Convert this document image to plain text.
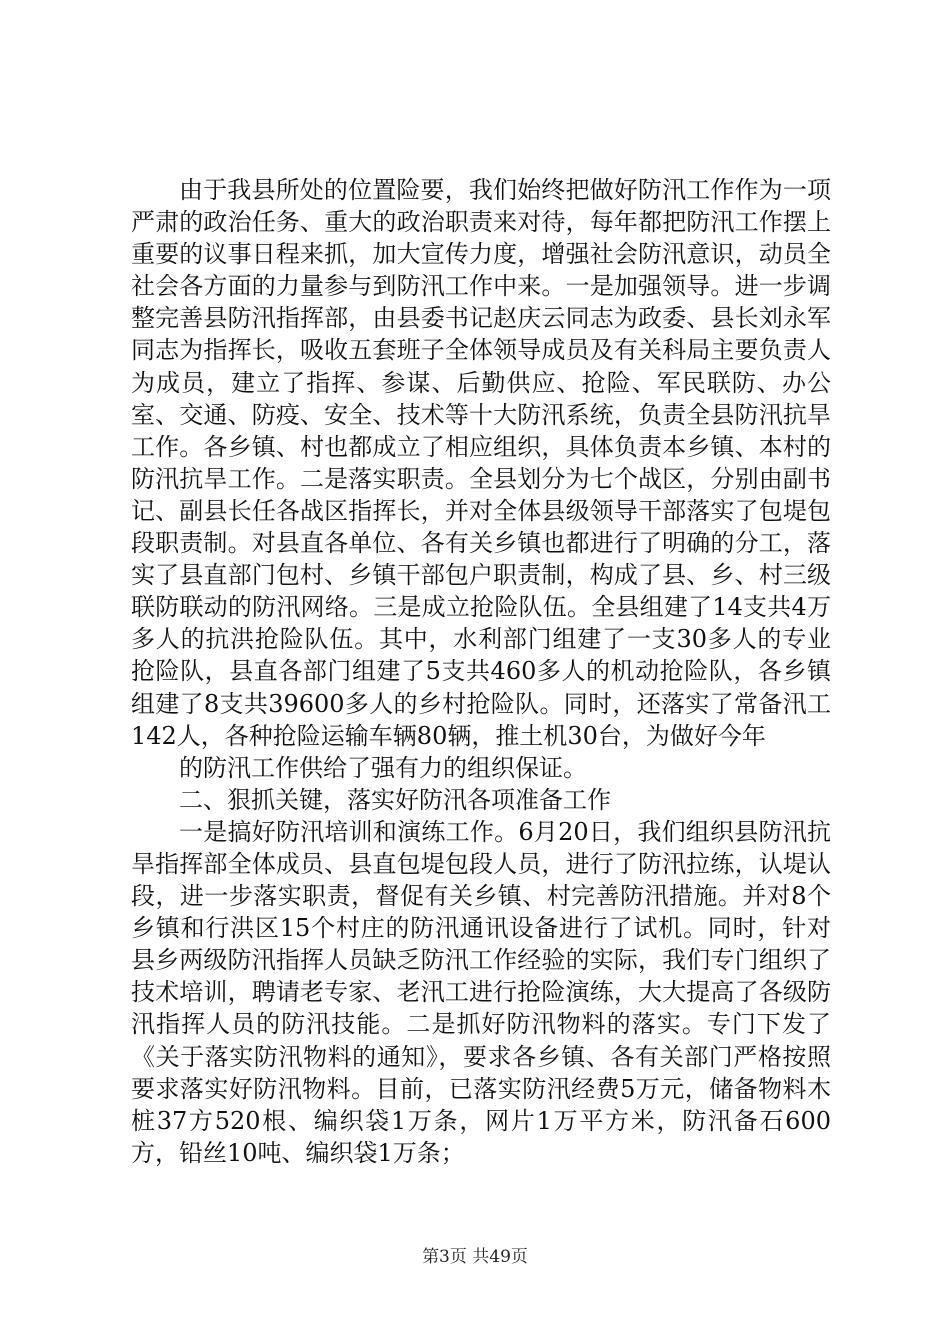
由于我县所处的位置险要，我们始终把做好防汛工作作为一项严肃的政治任务、重大的政治职责来对待，每年都把防汛工作摆上重要的议事日程来抓，加大宣传力度，增强社会防汛意识，动员全社会各方面的力量参与到防汛工作中来。一是加强领导。进一步调整完善县防汛指挥部，由县委书记赵庆云同志为政委、县长刘永军同志为指挥长，吸收五套班子全体领导成员及有关科局主要负责人为成员，建立了指挥、参谋、后勤供应、抢险、军民联防、办公室、交通、防疫、安全、技术等十大防汛系统，负责全县防汛抗旱工作。各乡镇、村也都成立了相应组织，具体负责本乡镇、本村的防汛抗旱工作。二是落实职责。全县划分为七个战区，分别由副书记、副县长任各战区指挥长，并对全体县级领导干部落实了包堤包段职责制。对县直各单位、各有关乡镇也都进行了明确的分工，落实了县直部门包村、乡镇干部包户职责制，构成了县、乡、村三级联防联动的防汛网络。三是成立抢险队伍。全县组建了14支共4万多人的抗洪抢险队伍。其中，水利部门组建了一支30多人的专业抢险队，县直各部门组建了5支共460多人的机动抢险队，各乡镇组建了8支共39600多人的乡村抢险队。同时，还落实了常备汛工142人，各种抢险运输车辆80辆，推土机30台，为做好今年

的防汛工作供给了强有力的组织保证。

二、狠抓关键，落实好防汛各项准备工作

一是搞好防汛培训和演练工作。6月20日，我们组织县防汛抗旱指挥部全体成员、县直包堤包段人员，进行了防汛拉练，认堤认段，进一步落实职责，督促有关乡镇、村完善防汛措施。并对8个乡镇和行洪区15个村庄的防汛通讯设备进行了试机。同时，针对县乡两级防汛指挥人员缺乏防汛工作经验的实际，我们专门组织了技术培训，聘请老专家、老汛工进行抢险演练，大大提高了各级防汛指挥人员的防汛技能。二是抓好防汛物料的落实。专门下发了《关于落实防汛物料的通知》，要求各乡镇、各有关部门严格按照要求落实好防汛物料。目前，已落实防汛经费5万元，储备物料木桩37方520根、编织袋1万条，网片1万平方米，防汛备石600方，铅丝10吨、编织袋1万条；

第3页 共49页
